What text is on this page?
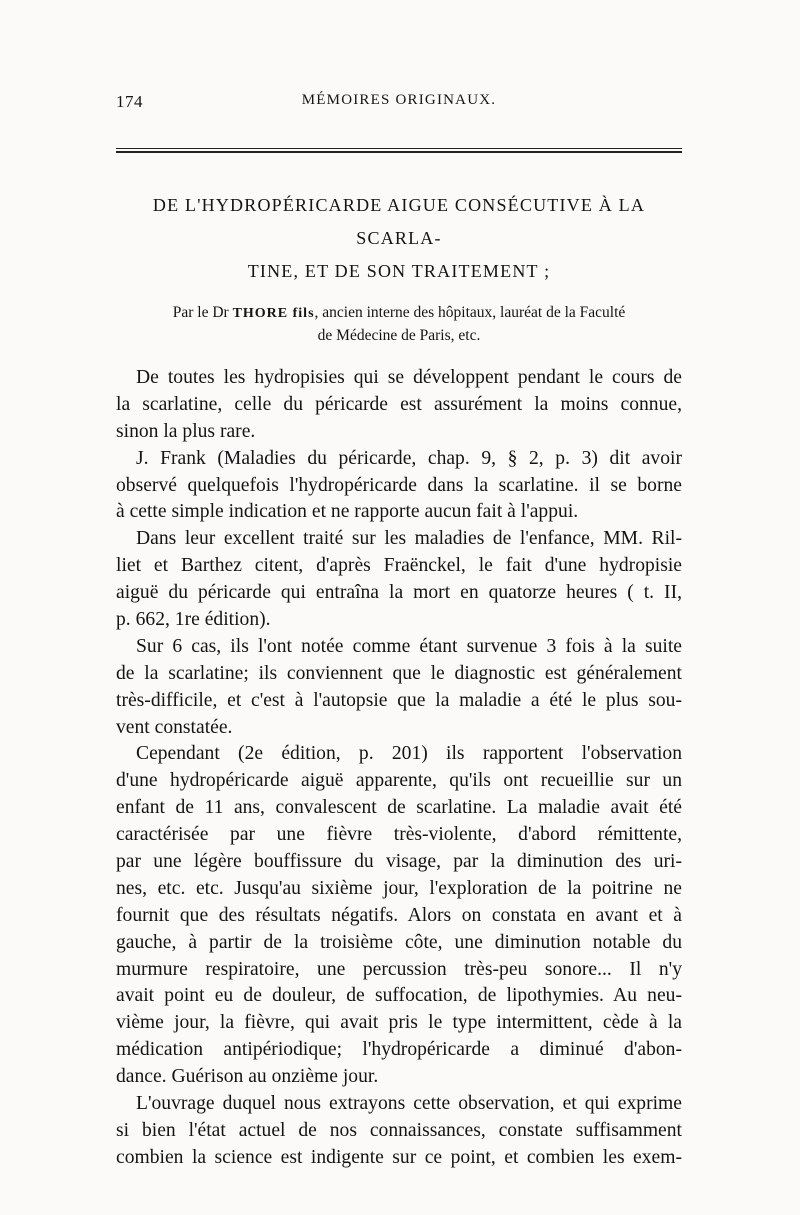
174	MÉMOIRES ORIGINAUX.
DE L'HYDROPÉRICARDE AIGUE CONSÉCUTIVE À LA SCARLA-
TINE, ET DE SON TRAITEMENT ;
Par le Dr THORE fils, ancien interne des hôpitaux, lauréat de la Faculté
de Médecine de Paris, etc.
De toutes les hydropisies qui se développent pendant le cours de
la scarlatine, celle du péricarde est assurément la moins connue,
sinon la plus rare.
J. Frank (Maladies du péricarde, chap. 9, § 2, p. 3) dit avoir
observé quelquefois l'hydropéricarde dans la scarlatine. il se borne
à cette simple indication et ne rapporte aucun fait à l'appui.
Dans leur excellent traité sur les maladies de l'enfance, MM. Ril-
liet et Barthez citent, d'après Fraënckel, le fait d'une hydropisie
aiguë du péricarde qui entraîna la mort en quatorze heures ( t. II,
p. 662, 1re édition).
Sur 6 cas, ils l'ont notée comme étant survenue 3 fois à la suite
de la scarlatine; ils conviennent que le diagnostic est généralement
très-difficile, et c'est à l'autopsie que la maladie a été le plus sou-
vent constatée.
Cependant (2e édition, p. 201) ils rapportent l'observation
d'une hydropéricarde aiguë apparente, qu'ils ont recueillie sur un
enfant de 11 ans, convalescent de scarlatine. La maladie avait été
caractérisée par une fièvre très-violente, d'abord rémittente,
par une légère bouffissure du visage, par la diminution des uri-
nes, etc. etc. Jusqu'au sixième jour, l'exploration de la poitrine ne
fournit que des résultats négatifs. Alors on constata en avant et à
gauche, à partir de la troisième côte, une diminution notable du
murmure respiratoire, une percussion très-peu sonore... Il n'y
avait point eu de douleur, de suffocation, de lipothymies. Au neu-
vième jour, la fièvre, qui avait pris le type intermittent, cède à la
médication antipériodique; l'hydropéricarde a diminué d'abon-
dance. Guérison au onzième jour.
L'ouvrage duquel nous extrayons cette observation, et qui exprime
si bien l'état actuel de nos connaissances, constate suffisamment
combien la science est indigente sur ce point, et combien les exem-
